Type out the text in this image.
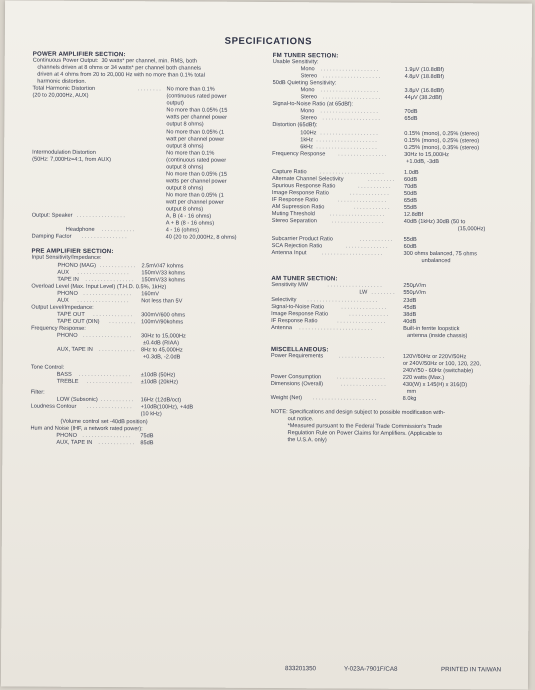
SPECIFICATIONS
POWER AMPLIFIER SECTION:
Continuous Power Output:  30 watts* per channel, min. RMS, both
channels driven at 8 ohms or 34 watts* per channel both channels
driven at 4 ohms from 20 to 20,000 Hz with no more than 0.1% total
harmonic distortion.
Total Harmonic Distortion
(20 to 20,000Hz, AUX)
. . . . . . . . No more than 0.1%
(continuous rated power
output)
No more than 0.05% (15
watts per channel power
output 8 ohms)
No more than 0.05% (1
watt per channel power
output 8 ohms)
Intermodulation Distortion
(50Hz: 7,000Hz=4:1, from AUX)
No more than 0.1%
(continuous rated power
output 8 ohms)
No more than 0.05% (15
watts per channel power
output 8 ohms)
No more than 0.05% (1
watt per channel power
output 8 ohms)
Output: Speaker . . . . . . . . . . . . . . . .	A, B (4 - 16 ohms)
A + B (8 - 16 ohms)
Headphone . . . . . . . . . . .	4 - 16 (ohms)
Damping Factor . . . . . . . . . . . . . . .	40 (20 to 20,000Hz, 8 ohms)
PRE AMPLIFIER SECTION:
Input Sensitivity/Impedance:
PHONO (MAG) . . . . . . . . . . . . 2.5mV/47 kohms
AUX . . . . . . . . . . . . . . . . . 150mV/33 kohms
TAPE IN . . . . . . . . . . . . . . . . 150mV/33 kohms
Overload Level (Max. Input Level) (T.H.D. 0.5%, 1kHz)
PHONO . . . . . . . . . . . . . . . . 160mV
AUX . . . . . . . . . . . . . . . . . Not less than 5V
Output Level/Impedance:
TAPE OUT . . . . . . . . . . . . . 300mV/600 ohms
TAPE OUT (DIN) . . . . . . . . . 100mV/90kohms
Frequency Response:
PHONO . . . . . . . . . . . . . . . . 30Hz to 15,000Hz
±0.4dB (RIAA)
AUX, TAPE IN . . . . . . . . . . . . 8Hz to 45,000Hz
+0.3dB, -2.0dB
Tone Control:
BASS . . . . . . . . . . . . . . . . . ±10dB (50Hz)
TREBLE . . . . . . . . . . . . . . . ±10dB (20kHz)
Filter:
LOW (Subsonic) . . . . . . . . . . . 16Hz (12dB/oct)
Loudness Contour . . . . . . . . . . . . . . . +10dB(100Hz), +4dB
(10 kHz)
(Volume control set -40dB position)
Hum and Noise (IHF, a network rated power):
PHONO . . . . . . . . . . . . . . . . 75dB
AUX, TAPE IN . . . . . . . . . . . . 85dB
FM TUNER SECTION:
Usable Sensitivity:
Mono . . . . . . . . . . . . . . . . . . .	1.9μV (10.8dBf)
Stereo . . . . . . . . . . . . . . . . . . .	4.8μV (18.8dBf)
50dB Quieting Sensitivity:
Mono . . . . . . . . . . . . . . . . . . .	3.8μV (16.8dBf)
Stereo . . . . . . . . . . . . . . . . . . .	44μV (38.2dBf)
Signal-to-Noise Ratio (at 65dBf):
Mono . . . . . . . . . . . . . . . . . . .	70dB
Stereo . . . . . . . . . . . . . . . . . . .	65dB
Distortion (65dBf):
100Hz . . . . . . . . . . . . . . . . . . .	0.15% (mono), 0.25% (stereo)
1kHz . . . . . . . . . . . . . . . . . . . .	0.15% (mono), 0.25% (stereo)
6kHz . . . . . . . . . . . . . . . . . . . .	0.25% (mono), 0.35% (stereo)
Frequency Response . . . . . . . . . . . . . . . .	30Hz to 15,000Hz
+1.0dB, -3dB
Capture Ratio . . . . . . . . . . . . . . . . . . . . .	1.0dB
Alternate Channel Selectivity	. . . . . . . . . 60dB
Spurious Response Ratio	. . . . . . . . . . . 70dB
Image Response Ratio	. . . . . . . . . . . . .	50dB
IF Response Ratio	. . . . . . . . . . . . . . . .	65dB
AM Supression Ratio	. . . . . . . . . . . .	55dB
Muting Threshold	. . . . . . . . . . . . . . . . . .	12.8dBf
Stereo Separation	. . . . . . . . . . . . . . . . .	40dB (1kHz) 30dB (50 to
(15,000Hz)
Subcarrier Product Ratio	. . . . . . . . . . . 55dB
SCA Rejection Ratio	. . . . . . . . . . . . . .	60dB
Antenna Input	. . . . . . . . . . . . . . . . . . . .	300 ohms balanced, 75 ohms
unbalanced
AM TUNER SECTION:
Sensitivity MW	. . . . . . . . . . . . . . . . . .	250μV/m
LW . . . . . . . . 550μV/m
Selectivity . . . . . . . . . . . . . . . . . . . . . . .	23dB
Signal-to-Noise Ratio	. . . . . . . . . . . . . . .	45dB
Image Response Ratio	. . . . . . . . . . . . .	38dB
IF Response Ratio	. . . . . . . . . . . . . . . .	40dB
Antenna . . . . . . . . . . . . . . . . . . . . . . . .	Built-in ferrite loopstick
antenna (inside chassis)
MISCELLANEOUS:
Power Requirements	. . . . . . . . . . . . . . .	120V/60Hz or 220V/50Hz
or 240V/50Hz or 100, 120, 220,
240V/50 - 60Hz (switchable)
Power Consumption	. . . . . . . . . . . . . . . .	220 watts (Max.)
Dimensions (Overall)	. . . . . . . . . . . . . . .	430(W) x 145(H) x 316(D)
mm
Weight (Net) . . . . . . . . . . . . . . . . . . . . .	8.0kg
NOTE: Specifications and design subject to possible modification with-
out notice.
*Measured pursuant to the Federal Trade Commission's Trade
Regulation Rule on Power Claims for Amplifiers. (Applicable to
the U.S.A. only)
833201350	Y-023A-7901F/CA8	PRINTED IN TAIWAN
